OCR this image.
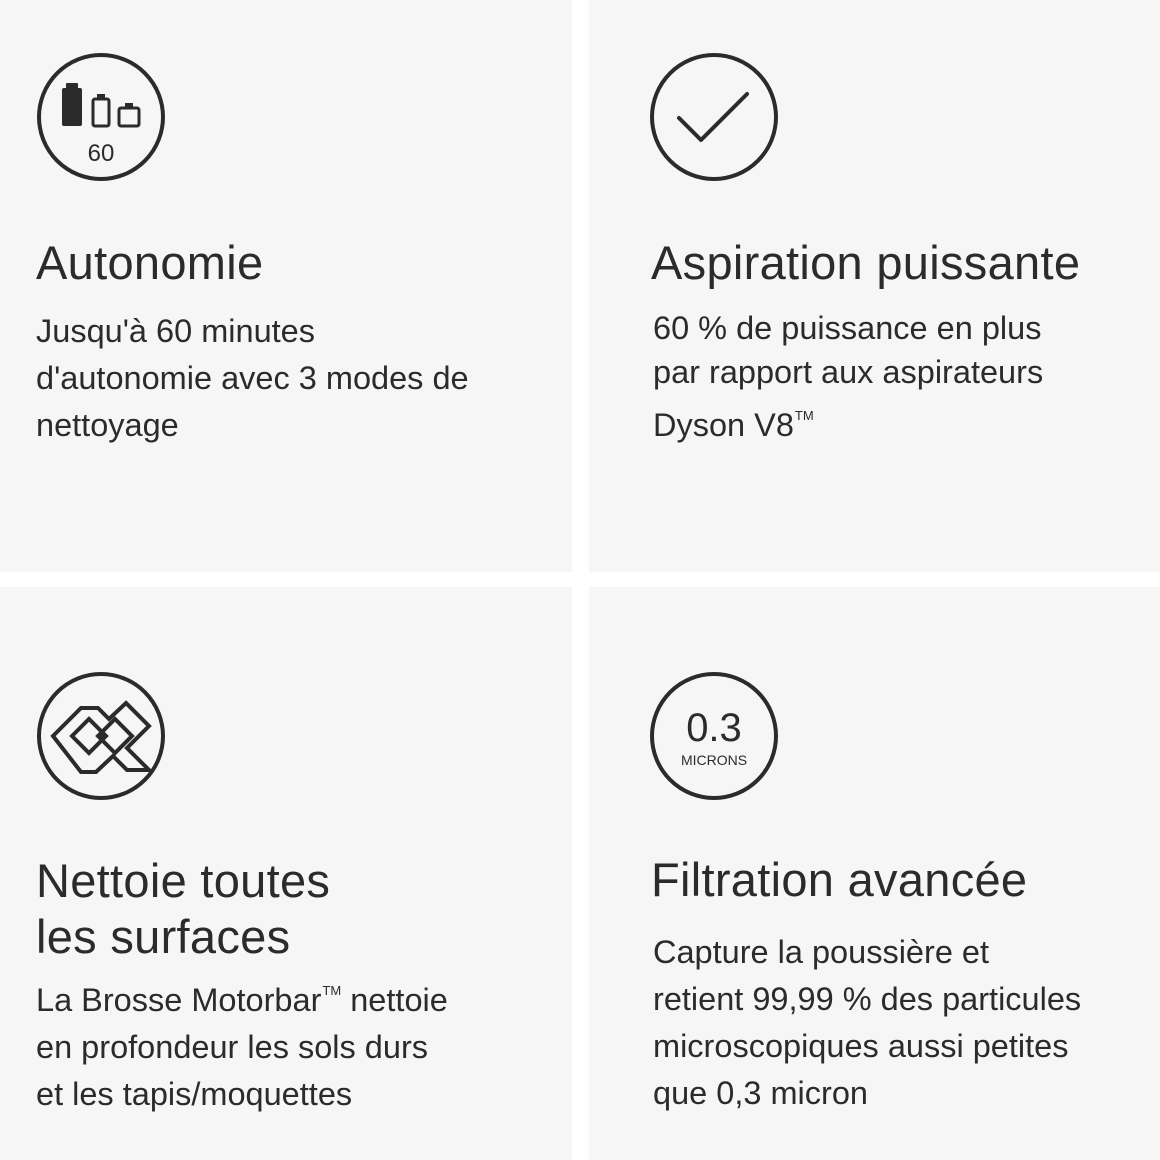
60
Autonomie

Jusqu'à 60 minutes
d'autonomie avec 3 modes de
nettoyage

Aspiration puissante

60 % de puissance en plus
par rapport aux aspirateurs
Dyson V8™

Nettoie toutes
les surfaces

La Brosse Motorbar™ nettoie
en profondeur les sols durs
et les tapis/moquettes

0.3
MICRONS
Filtration avancée

Capture la poussière et
retient 99,99 % des particules
microscopiques aussi petites
que 0,3 micron
